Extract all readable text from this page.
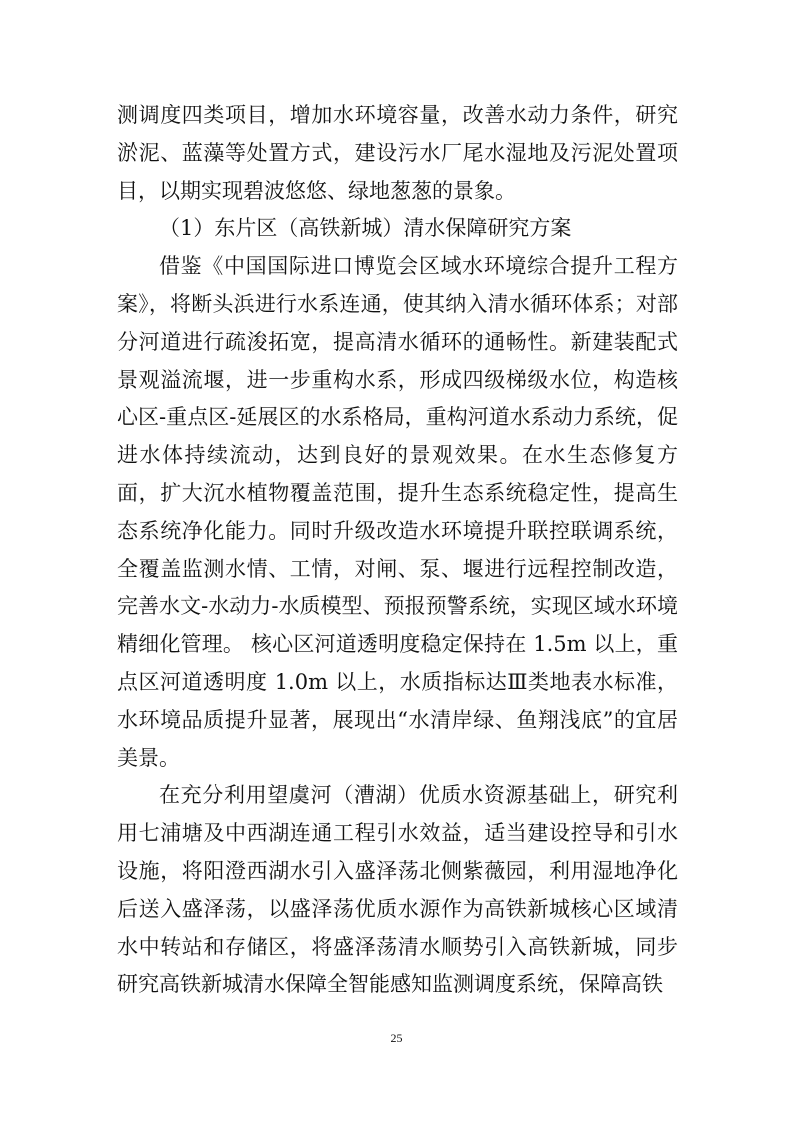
测调度四类项目，增加水环境容量，改善水动力条件，研究淤泥、蓝藻等处置方式，建设污水厂尾水湿地及污泥处置项目，以期实现碧波悠悠、绿地葱葱的景象。

（1）东片区（高铁新城）清水保障研究方案

借鉴《中国国际进口博览会区域水环境综合提升工程方案》，将断头浜进行水系连通，使其纳入清水循环体系；对部分河道进行疏浚拓宽，提高清水循环的通畅性。新建装配式景观溢流堰，进一步重构水系，形成四级梯级水位，构造核心区-重点区-延展区的水系格局，重构河道水系动力系统，促进水体持续流动，达到良好的景观效果。在水生态修复方面，扩大沉水植物覆盖范围，提升生态系统稳定性，提高生态系统净化能力。同时升级改造水环境提升联控联调系统，全覆盖监测水情、工情，对闸、泵、堰进行远程控制改造，完善水文-水动力-水质模型、预报预警系统，实现区域水环境精细化管理。 核心区河道透明度稳定保持在 1.5m 以上，重点区河道透明度 1.0m 以上，水质指标达Ⅲ类地表水标准，水环境品质提升显著，展现出“水清岸绿、鱼翔浅底”的宜居美景。

在充分利用望虞河（漕湖）优质水资源基础上，研究利用七浦塘及中西湖连通工程引水效益，适当建设控导和引水设施，将阳澄西湖水引入盛泽荡北侧紫薇园，利用湿地净化后送入盛泽荡，以盛泽荡优质水源作为高铁新城核心区域清水中转站和存储区，将盛泽荡清水顺势引入高铁新城，同步研究高铁新城清水保障全智能感知监测调度系统，保障高铁

25
